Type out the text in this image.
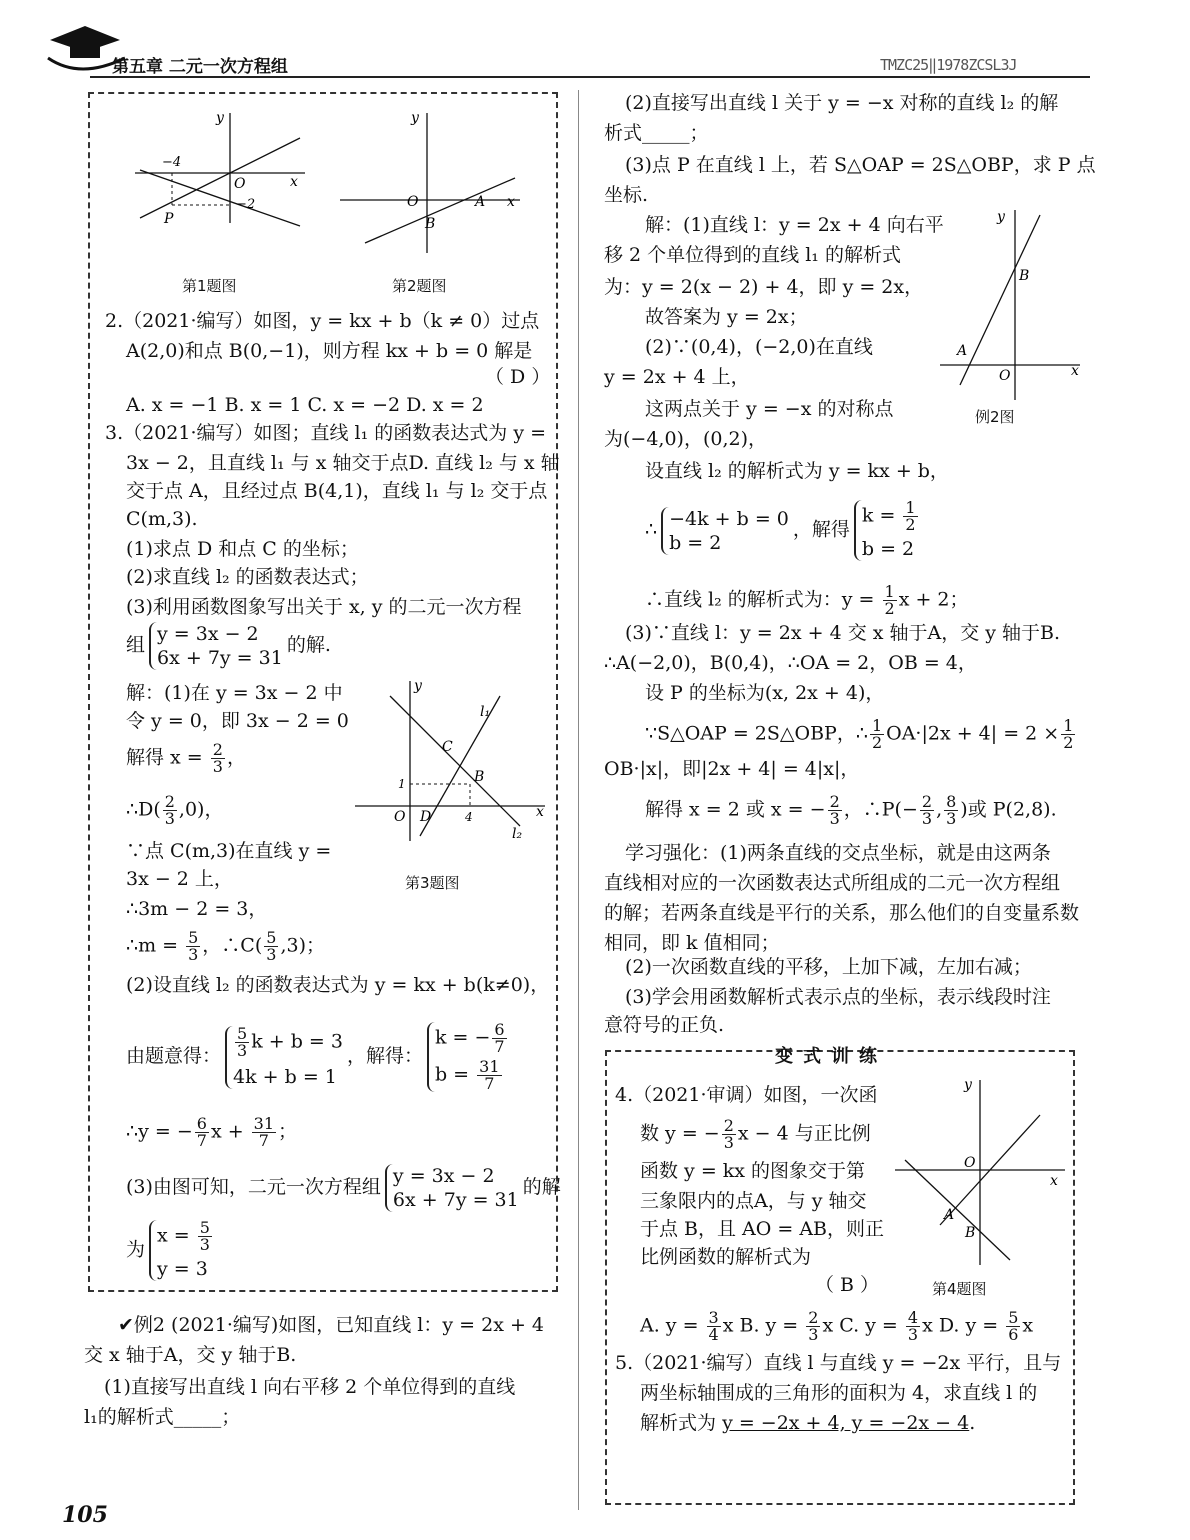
第五章 二元一次方程组	TMZC25‖1978ZCSL3J
x
y
O
P
−4
−2
第1题图
x
y
O	A
B
第2题图
2.（2021·编写）如图，y = kx + b（k ≠ 0）过点
A(2,0)和点 B(0,−1)，则方程 kx + b = 0 解是
（ D ）
A. x = −1 B. x = 1 C. x = −2 D. x = 2
3.（2021·编写）如图；直线 l₁ 的函数表达式为 y =
3x − 2，且直线 l₁ 与 x 轴交于点D. 直线 l₂ 与 x 轴
交于点 A，且经过点 B(4,1)，直线 l₁ 与 l₂ 交于点
C(m,3).
(1)求点 D 和点 C 的坐标；
(2)求直线 l₂ 的函数表达式；
(3)利用函数图象写出关于 x, y 的二元一次方程
组 y = 3x − 2
6x + 7y = 31
的解.
x
y
O D
C
B
l₁
l₂
1
4
第3题图
解：(1)在 y = 3x − 2 中
令 y = 0，即 3x − 2 = 0
解得 $x = \frac{2}{3}$ ，
∴D( $\frac{2}{3} ,0$)，
∵点 C(m,3)在直线 y =
3x − 2 上，
∴3m − 2 = 3，
∴m = $\frac{5}{3}$ ，∴C( $\frac{5}{3} ,3$)；
(2)设直线 l₂ 的函数表达式为 y = kx + b(k≠0)，
由题意得： $\frac{5}{3}$ k + b = 3
4k + b = 1
，解得：
k = − $\frac{6}{7}$
$b = \frac{31}{7}$
∴y = − $\frac{6}{7}$ $x + \frac{31}{7}$ ；
(3)由图可知，二元一次方程组 y = 3x − 2
6x + 7y = 31
的解
为
$x = \frac{5}{3}$
y = 3
✔例2 (2021·编写)如图，已知直线 l：y = 2x + 4
交 x 轴于A，交 y 轴于B.
(1)直接写出直线 l 向右平移 2 个单位得到的直线
l₁的解析式_____；
(2)直接写出直线 l 关于 y = −x 对称的直线 l₂ 的解
析式_____；
(3)点 P 在直线 l 上，若 S△OAP = 2S△OBP，求 P 点
坐标.
解：(1)直线 l：y = 2x + 4 向右平
移 2 个单位得到的直线 l₁ 的解析式
为：y = 2(x − 2) + 4，即 y = 2x，
故答案为 y = 2x；
(2)∵(0,4)，(−2,0)在直线
y = 2x + 4 上，
这两点关于 y = −x 的对称点
为(−4,0)，(0,2)，
设直线 l₂ 的解析式为 y = kx + b，
∴ −4k + b = 0
b = 2
，解得
$k = \frac{1}{2}$
b = 2
∴直线 l₂ 的解析式为：$y = \frac{1}{2}$ x + 2；
x
y
O
A
B
例2图
(3)∵直线 l：y = 2x + 4 交 x 轴于A，交 y 轴于B.
∴A(−2,0)，B(0,4)，∴OA = 2，OB = 4，
设 P 的坐标为(x, 2x + 4)，
∵S△OAP = 2S△OBP，∴ $\frac{1}{2} OA\cdot|2x + 4| = 2 \times \frac{1}{2}$
OB·|x|，即|2x + 4| = 4|x|，
解得 x = 2 或 x = − $\frac{2}{3}$ ，∴P(− $\frac{2}{3}$ , $\frac{8}{3}$ )或 P(2,8).
学习强化：(1)两条直线的交点坐标，就是由这两条
直线相对应的一次函数表达式所组成的二元一次方程组
的解；若两条直线是平行的关系，那么他们的自变量系数
相同，即 k 值相同；
(2)一次函数直线的平移，上加下减，左加右减；
(3)学会用函数解析式表示点的坐标，表示线段时注
意符号的正负.
变式训练
4.（2021·审调）如图，一次函
数 y = − $\frac{2}{3}$ x − 4 与正比例
函数 y = kx 的图象交于第
三象限内的点A，与 y 轴交
于点 B，且 AO = AB，则正
比例函数的解析式为
（ B ）
A. $y = \frac{3}{4}$ x B. $y = \frac{2}{3}$ x C. $y = \frac{4}{3}$ x D. $y = \frac{5}{6}$ x
x
y
O
A
B
第4题图
5.（2021·编写）直线 l 与直线 y = −2x 平行，且与
两坐标轴围成的三角形的面积为 4，求直线 l 的
解析式为 y = −2x + 4, y = −2x − 4.
105
